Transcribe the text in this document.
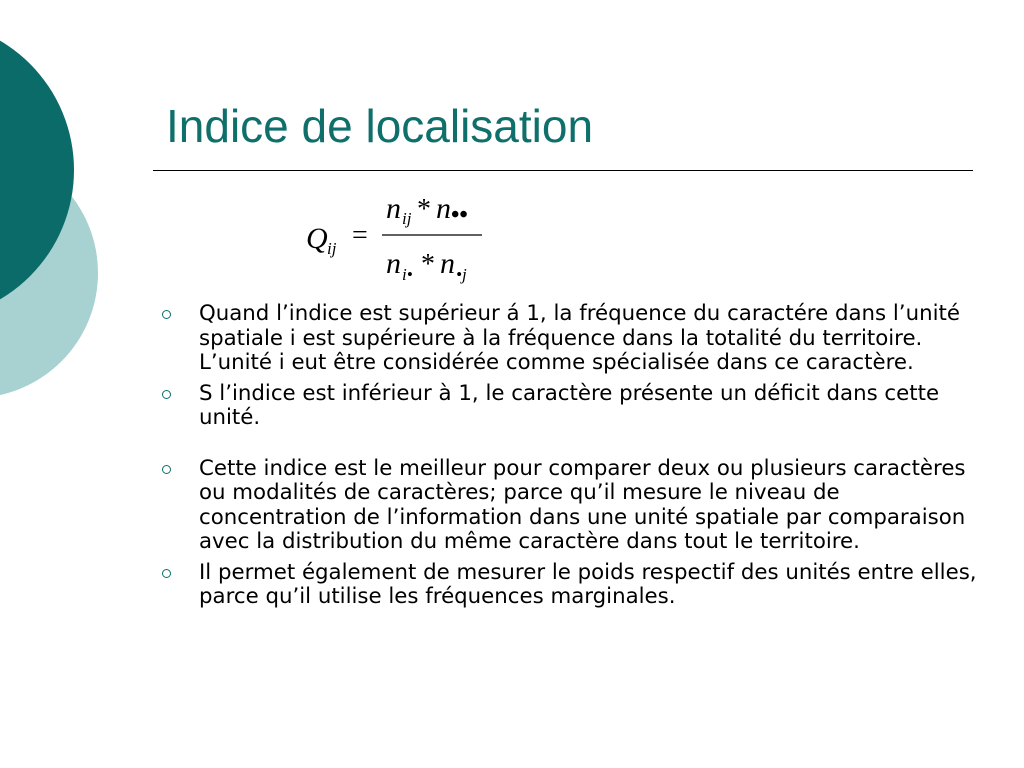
Indice de localisation
Q ij =
n ij * n ••
n i• * n •j
Quand l’indice est supérieur á 1, la fréquence du caractére dans l’unité spatiale i est supérieure à la fréquence dans la totalité du territoire. L’unité i eut être considérée comme spécialisée dans ce caractère.
S l’indice est inférieur à 1, le caractère présente un déficit dans cette unité.
Cette indice est le meilleur pour comparer deux ou plusieurs caractères ou modalités de caractères; parce qu’il mesure le niveau de concentration de l’information dans une unité spatiale par comparaison avec la distribution du même caractère dans tout le territoire.
Il permet également de mesurer le poids respectif des unités entre elles, parce qu’il utilise les fréquences marginales.
